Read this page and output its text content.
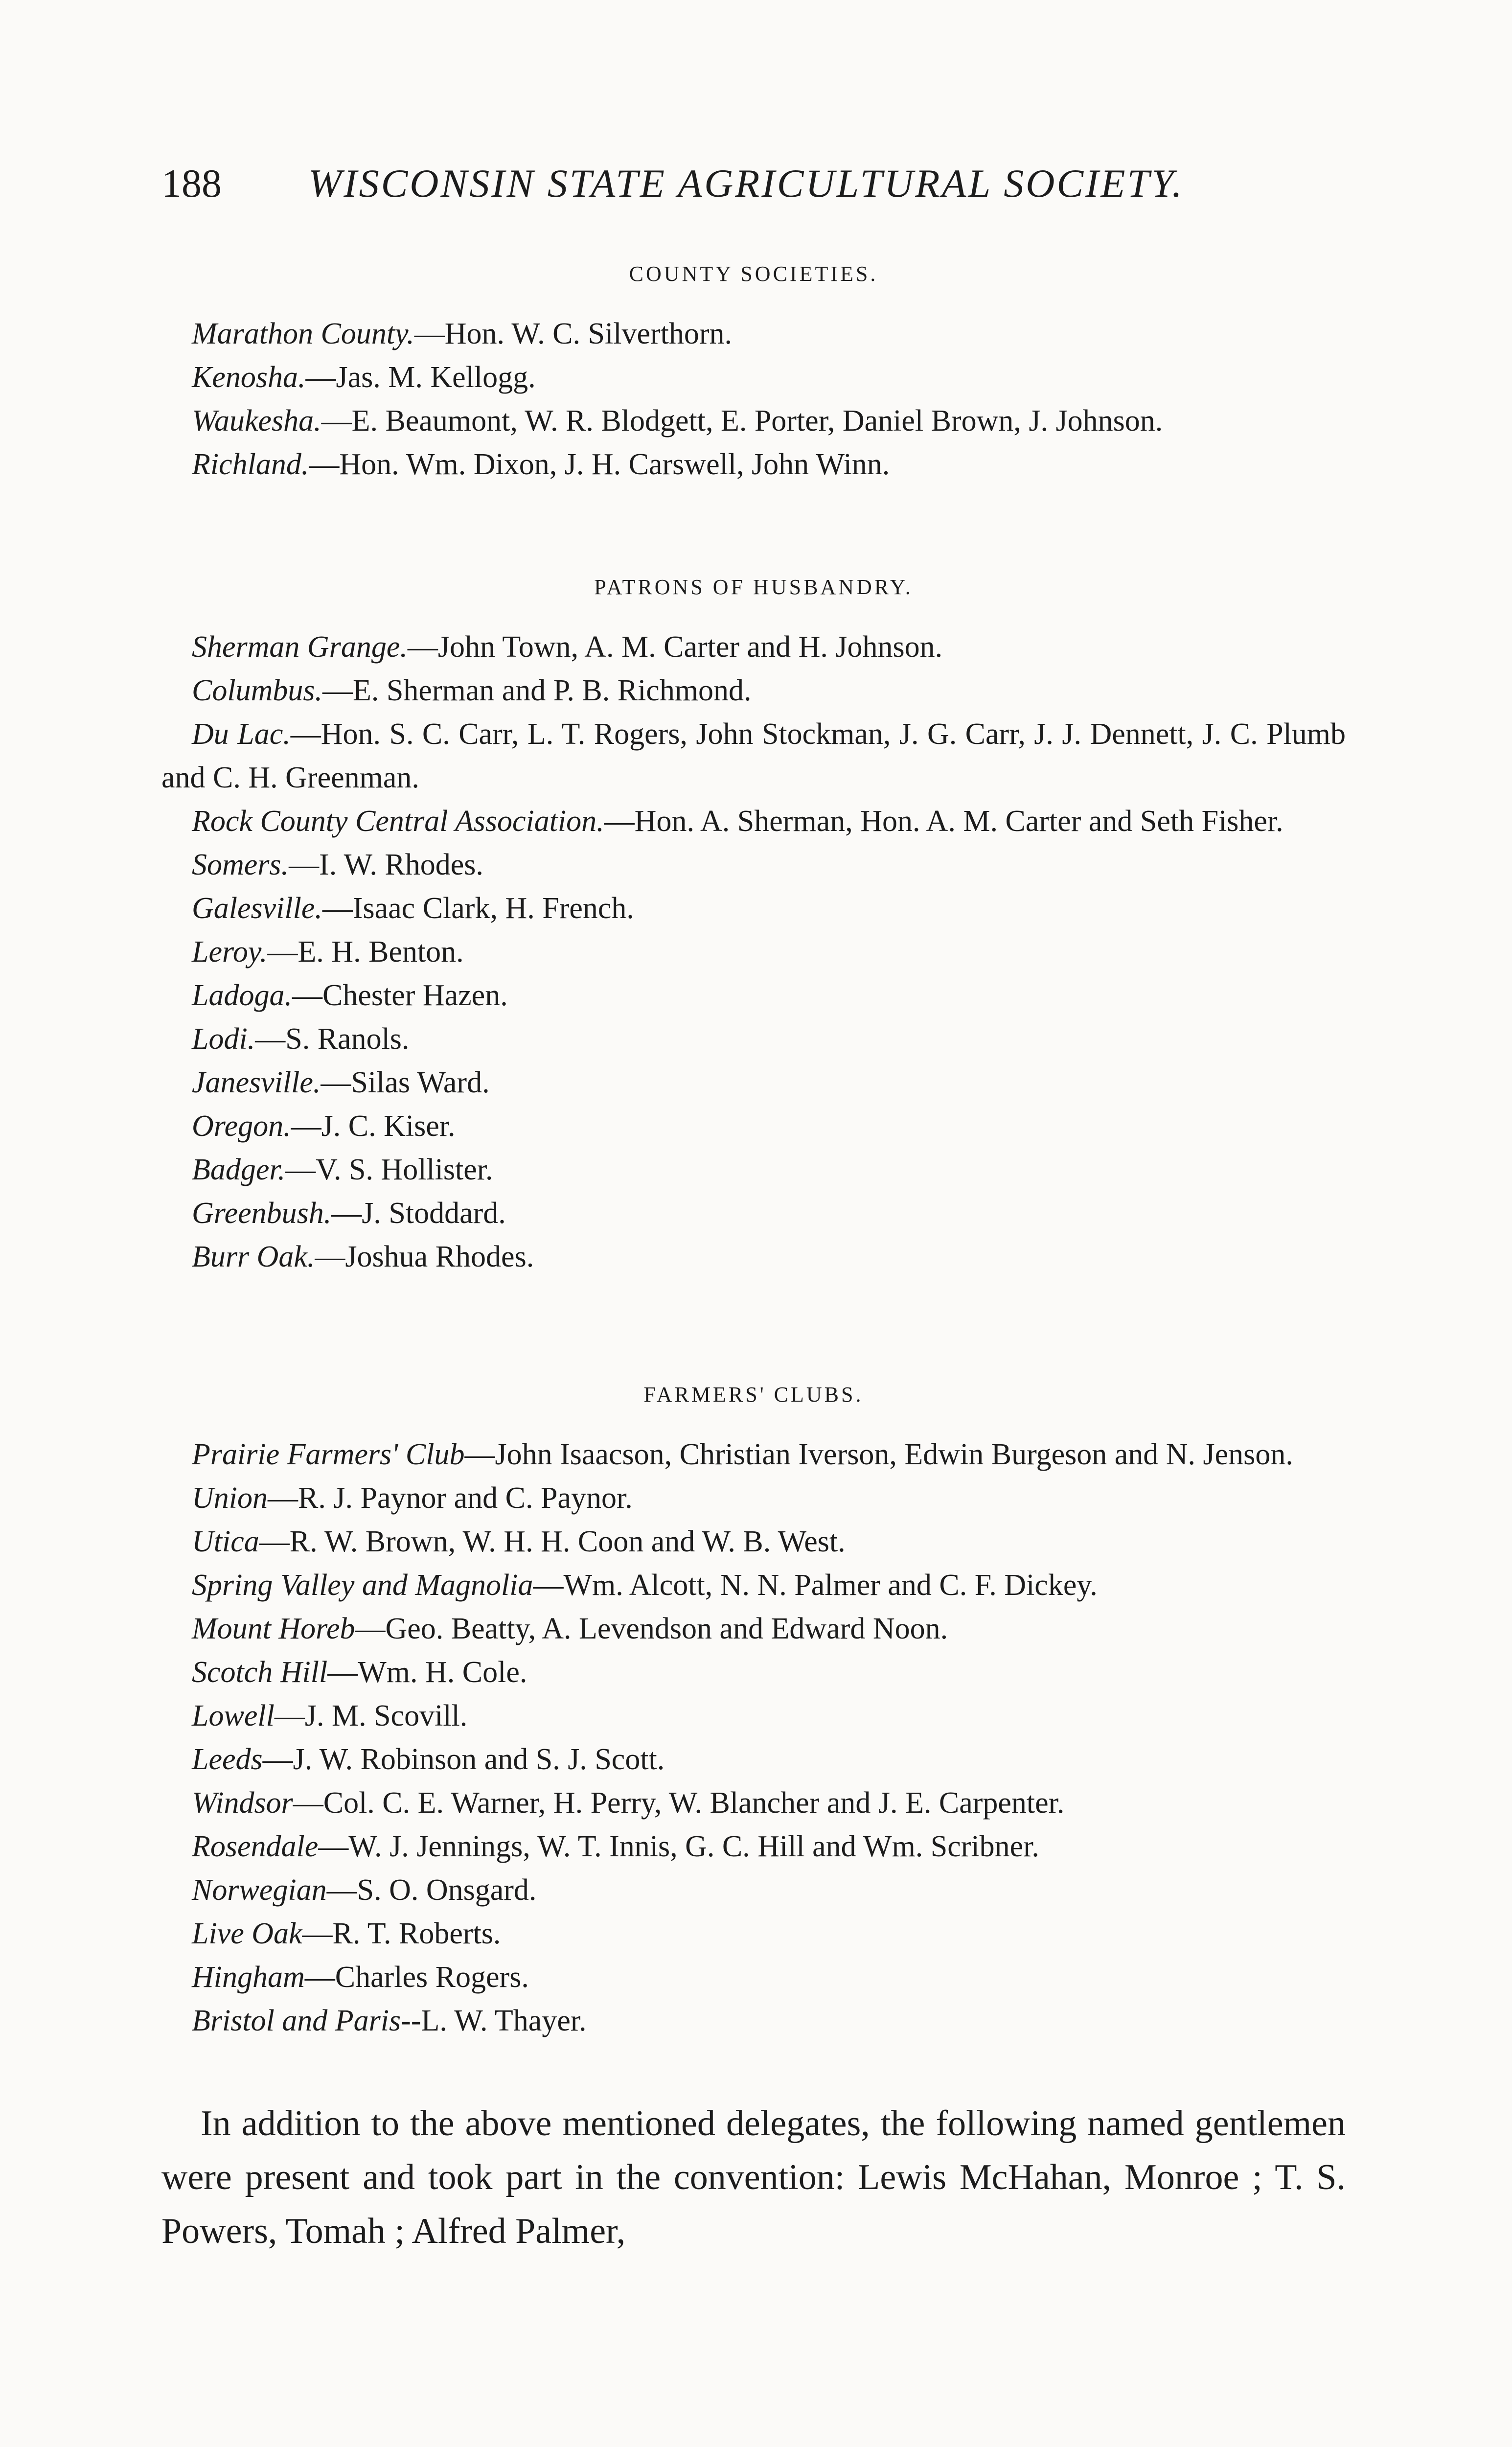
188 WISCONSIN STATE AGRICULTURAL SOCIETY.
COUNTY SOCIETIES.

Marathon County.—Hon. W. C. Silverthorn.

Kenosha.—Jas. M. Kellogg.

Waukesha.—E. Beaumont, W. R. Blodgett, E. Porter, Daniel Brown, J. Johnson.

Richland.—Hon. Wm. Dixon, J. H. Carswell, John Winn.

PATRONS OF HUSBANDRY.

Sherman Grange.—John Town, A. M. Carter and H. Johnson.

Columbus.—E. Sherman and P. B. Richmond.

Du Lac.—Hon. S. C. Carr, L. T. Rogers, John Stockman, J. G. Carr, J. J. Dennett, J. C. Plumb and C. H. Greenman.

Rock County Central Association.—Hon. A. Sherman, Hon. A. M. Carter and Seth Fisher.

Somers.—I. W. Rhodes.

Galesville.—Isaac Clark, H. French.

Leroy.—E. H. Benton.

Ladoga.—Chester Hazen.

Lodi.—S. Ranols.

Janesville.—Silas Ward.

Oregon.—J. C. Kiser.

Badger.—V. S. Hollister.

Greenbush.—J. Stoddard.

Burr Oak.—Joshua Rhodes.

FARMERS' CLUBS.

Prairie Farmers' Club—John Isaacson, Christian Iverson, Edwin Burgeson and N. Jenson.

Union—R. J. Paynor and C. Paynor.

Utica—R. W. Brown, W. H. H. Coon and W. B. West.

Spring Valley and Magnolia—Wm. Alcott, N. N. Palmer and C. F. Dickey.

Mount Horeb—Geo. Beatty, A. Levendson and Edward Noon.

Scotch Hill—Wm. H. Cole.

Lowell—J. M. Scovill.

Leeds—J. W. Robinson and S. J. Scott.

Windsor—Col. C. E. Warner, H. Perry, W. Blancher and J. E. Carpenter.

Rosendale—W. J. Jennings, W. T. Innis, G. C. Hill and Wm. Scribner.

Norwegian—S. O. Onsgard.

Live Oak—R. T. Roberts.

Hingham—Charles Rogers.

Bristol and Paris--L. W. Thayer.

In addition to the above mentioned delegates, the following named gentlemen were present and took part in the convention: Lewis McHahan, Monroe ; T. S. Powers, Tomah ; Alfred Palmer,
